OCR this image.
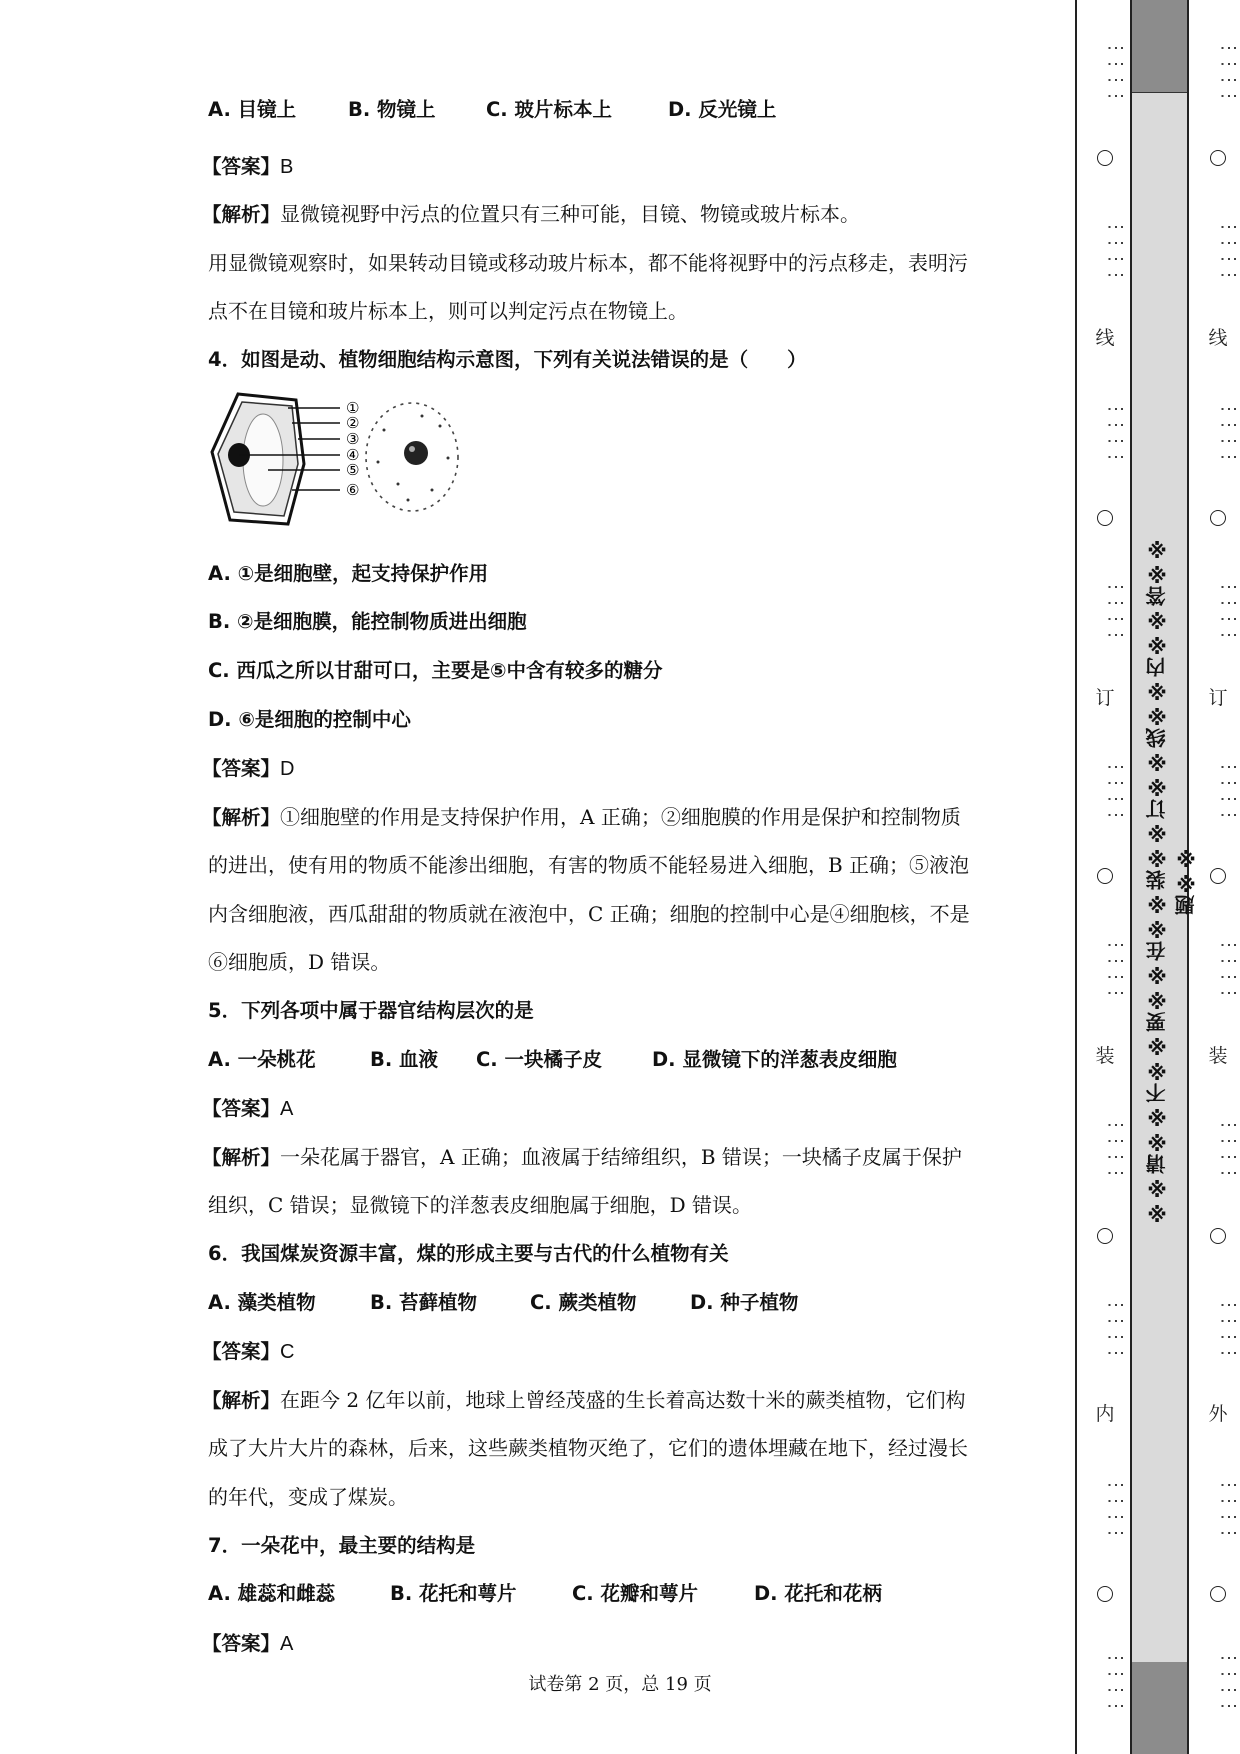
A. 目镜上	B. 物镜上	C. 玻片标本上	D. 反光镜上
【答案】B
【解析】显微镜视野中污点的位置只有三种可能，目镜、物镜或玻片标本。
用显微镜观察时，如果转动目镜或移动玻片标本，都不能将视野中的污点移走，表明污
点不在目镜和玻片标本上，则可以判定污点在物镜上。
4．如图是动、植物细胞结构示意图，下列有关说法错误的是（　　）
①
②
③
④
⑤
⑥
A. ①是细胞壁，起支持保护作用
B. ②是细胞膜，能控制物质进出细胞
C. 西瓜之所以甘甜可口，主要是⑤中含有较多的糖分
D. ⑥是细胞的控制中心
【答案】D
【解析】①细胞壁的作用是支持保护作用，A 正确；②细胞膜的作用是保护和控制物质
的进出，使有用的物质不能渗出细胞，有害的物质不能轻易进入细胞，B 正确；⑤液泡
内含细胞液，西瓜甜甜的物质就在液泡中，C 正确；细胞的控制中心是④细胞核，不是
⑥细胞质，D 错误。
5．下列各项中属于器官结构层次的是
A. 一朵桃花	B. 血液 C. 一块橘子皮	D. 显微镜下的洋葱表皮细胞
【答案】A
【解析】一朵花属于器官，A 正确；血液属于结缔组织，B 错误；一块橘子皮属于保护
组织，C 错误；显微镜下的洋葱表皮细胞属于细胞，D 错误。
6．我国煤炭资源丰富，煤的形成主要与古代的什么植物有关
A. 藻类植物	B. 苔藓植物	C. 蕨类植物	D. 种子植物
【答案】C
【解析】在距今 2 亿年以前，地球上曾经茂盛的生长着高达数十米的蕨类植物，它们构
成了大片大片的森林，后来，这些蕨类植物灭绝了，它们的遗体埋藏在地下，经过漫长
的年代，变成了煤炭。
7．一朵花中，最主要的结构是
A. 雄蕊和雌蕊	B. 花托和萼片	C. 花瓣和萼片	D. 花托和花柄
【答案】A
试卷第 2 页，总 19 页
※※请※※不※※要※※在※※装※※订※※线※※内※※答※※题※※
⋮⋮⋮⋮
⋮⋮⋮⋮
线
⋮⋮⋮⋮
⋮⋮⋮⋮
订
⋮⋮⋮⋮
⋮⋮⋮⋮
装
⋮⋮⋮⋮
⋮⋮⋮⋮
内
⋮⋮⋮⋮
⋮⋮⋮⋮
⋮⋮⋮⋮
⋮⋮⋮⋮
线
⋮⋮⋮⋮
⋮⋮⋮⋮
订
⋮⋮⋮⋮
⋮⋮⋮⋮
装
⋮⋮⋮⋮
⋮⋮⋮⋮
外
⋮⋮⋮⋮
⋮⋮⋮⋮
